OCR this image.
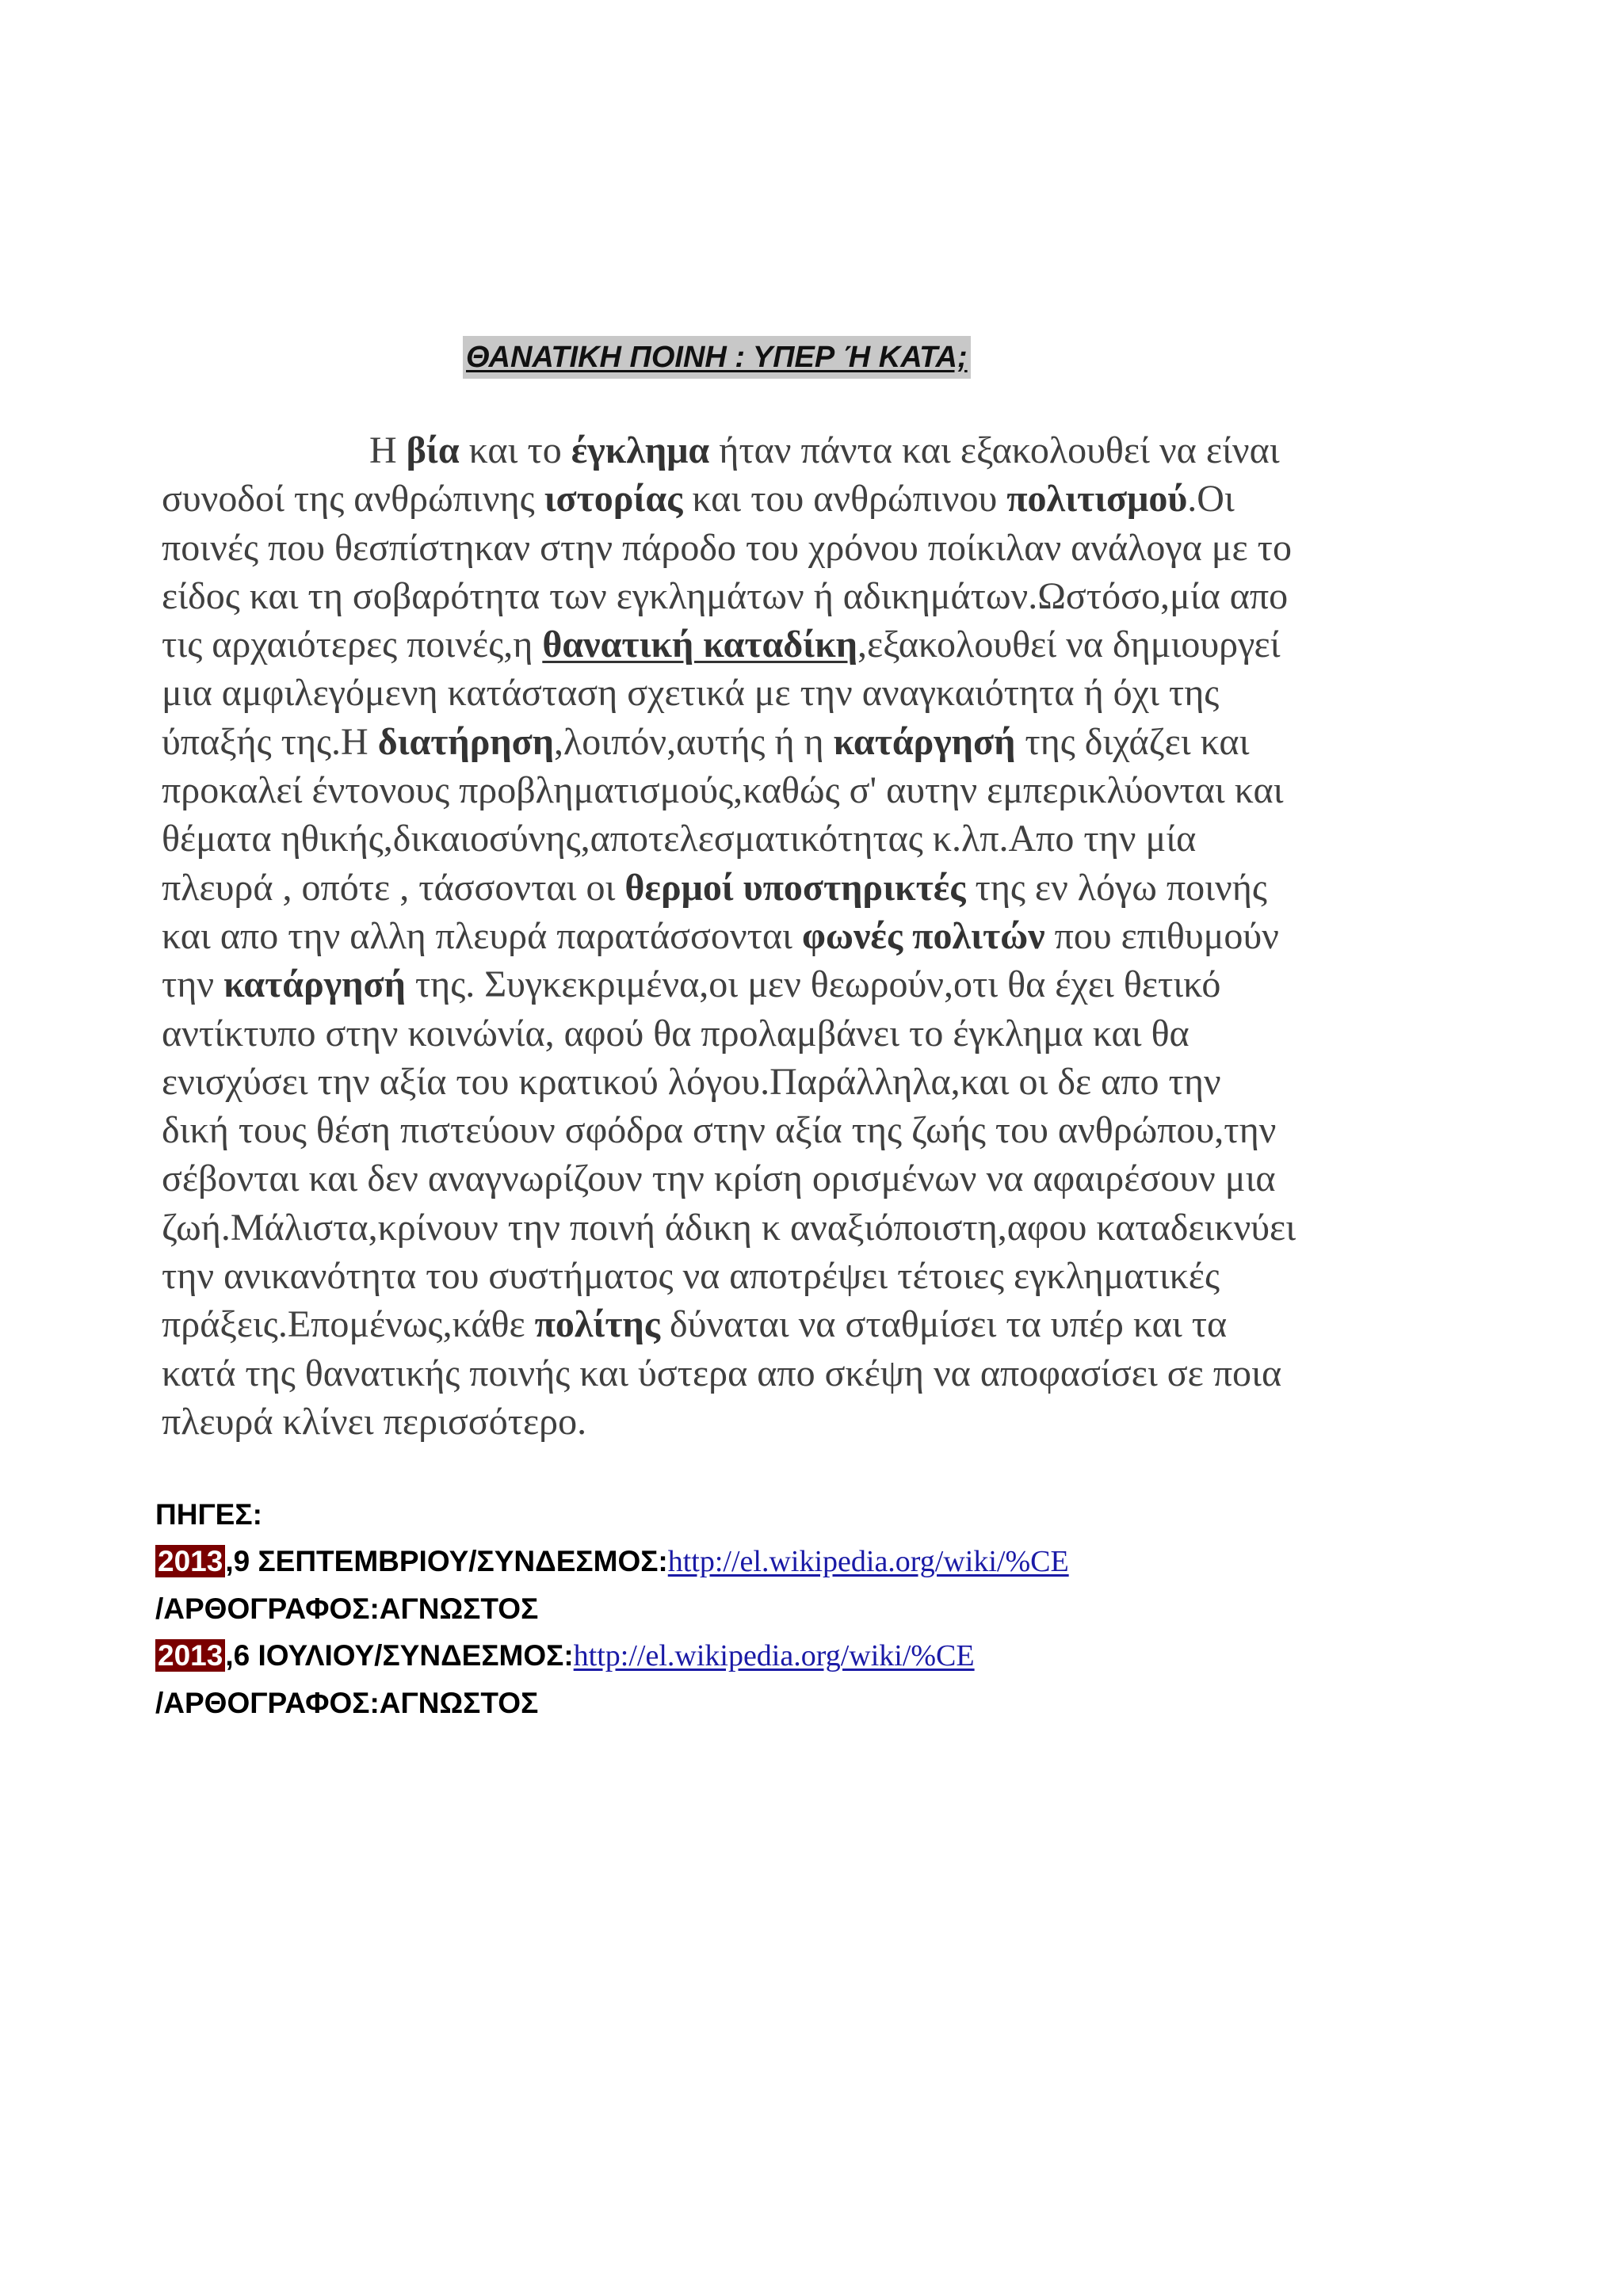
ΘΑΝΑΤΙΚΗ ΠΟΙΝΗ : ΥΠΕΡ Ή ΚΑΤΑ;
Η βία και το έγκλημα ήταν πάντα και εξακολουθεί να είναι
συνοδοί της ανθρώπινης ιστορίας και του ανθρώπινου πολιτισμού.Οι
ποινές που θεσπίστηκαν στην πάροδο του χρόνου ποίκιλαν ανάλογα με το
είδος και τη σοβαρότητα των εγκλημάτων ή αδικημάτων.Ωστόσο,μία απο
τις αρχαιότερες ποινές,η θανατική καταδίκη,εξακολουθεί να δημιουργεί
μια αμφιλεγόμενη κατάσταση σχετικά με την αναγκαιότητα ή όχι της
ύπαξής της.Η διατήρηση,λοιπόν,αυτής ή η κατάργησή της διχάζει και
προκαλεί έντονους προβληματισμούς,καθώς σ' αυτην εμπερικλύονται και
θέματα ηθικής,δικαιοσύνης,αποτελεσματικότητας κ.λπ.Απο την μία
πλευρά , οπότε , τάσσονται οι θερμοί υποστηρικτές της εν λόγω ποινής
και απο την αλλη πλευρά παρατάσσονται φωνές πολιτών που επιθυμούν
την κατάργησή της. Συγκεκριμένα,οι μεν θεωρούν,οτι θα έχει θετικό
αντίκτυπο στην κοινώνία, αφού θα προλαμβάνει το έγκλημα και θα
ενισχύσει την αξία του κρατικού λόγου.Παράλληλα,και οι δε απο την
δική τους θέση πιστεύουν σφόδρα στην αξία της ζωής του ανθρώπου,την
σέβονται και δεν αναγνωρίζουν την κρίση ορισμένων να αφαιρέσουν μια
ζωή.Μάλιστα,κρίνουν την ποινή άδικη κ αναξιόποιστη,αφου καταδεικνύει
την ανικανότητα του συστήματος να αποτρέψει τέτοιες εγκληματικές
πράξεις.Επομένως,κάθε πολίτης δύναται να σταθμίσει τα υπέρ και τα
κατά της θανατικής ποινής και ύστερα απο σκέψη να αποφασίσει σε ποια
πλευρά κλίνει περισσότερο.
ΠΗΓΕΣ:
2013,9 ΣΕΠΤΕΜΒΡΙΟΥ/ΣΥΝΔΕΣΜΟΣ:http://el.wikipedia.org/wiki/%CE
/ΑΡΘΟΓΡΑΦΟΣ:ΑΓΝΩΣΤΟΣ
2013,6 ΙΟΥΛΙΟΥ/ΣΥΝΔΕΣΜΟΣ:http://el.wikipedia.org/wiki/%CE
/ΑΡΘΟΓΡΑΦΟΣ:ΑΓΝΩΣΤΟΣ
